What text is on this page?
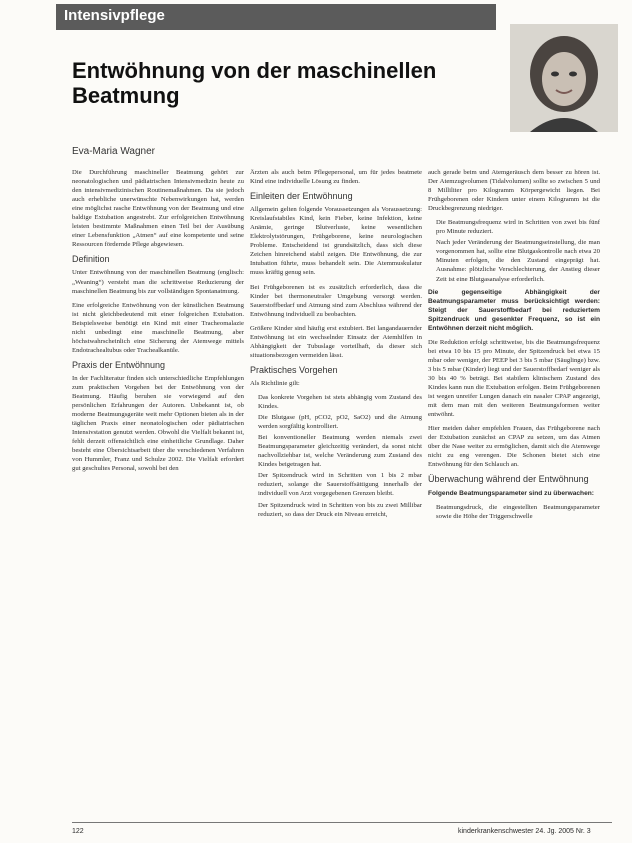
Intensivpflege
Entwöhnung von der maschinellen Beatmung
Eva-Maria Wagner

Die Durchführung maschineller Beatmung gehört zur neonatologischen und pädiatrischen Intensivmedizin heute zu den intensivmedizinischen Routinemaßnahmen. Da sie jedoch auch erhebliche unerwünschte Nebenwirkungen hat, werden eine möglichst rasche Entwöhnung von der Beatmung und eine baldige Extubation angestrebt. Zur erfolgreichen Entwöhnung leisten bestimmte Maßnahmen einen Teil bei der Ausübung einer Lebensfunktion „Atmen“ auf eine kompetente und seine Ressourcen fördernde Pflege abgewiesen.

Definition

Unter Entwöhnung von der maschinellen Beatmung (englisch: „Weaning“) versteht man die schrittweise Reduzierung der maschinellen Beatmung bis zur vollständigen Spontanatmung.

Eine erfolgreiche Entwöhnung von der künstlichen Beatmung ist nicht gleichbedeutend mit einer folgreichen Extubation. Beispielsweise benötigt ein Kind mit einer Tracheomalazie nicht unbedingt eine maschinelle Beatmung, aber höchstwahrscheinlich eine Sicherung der Atemwege mittels Endotrachealtubus oder Trachealkanüle.

Praxis der Entwöhnung

In der Fachliteratur finden sich unterschiedliche Empfehlungen zum praktischen Vorgehen bei der Entwöhnung von der Beatmung. Häufig beruhen sie vorwiegend auf den persönlichen Erfahrungen der Autoren. Unbekannt ist, ob moderne Beatmungsgeräte weit mehr Optionen bieten als in der täglichen Praxis einer neonatologischen oder pädiatrischen Intensivstation genutzt werden. Obwohl die Vielfalt bekannt ist, fehlt derzeit offensichtlich eine einheitliche Grundlage. Daher besteht eine Übersichtsarbeit über die verschiedenen Verfahren von Hummler, Franz und Schulze 2002. Die Vielfalt erfordert gut geschultes Personal, sowohl bei den

Ärzten als auch beim Pflegepersonal, um für jedes beatmete Kind eine individuelle Lösung zu finden.

Einleiten der Entwöhnung

Allgemein gelten folgende Voraussetzungen als Voraussetzung: Kreislaufstabiles Kind, kein Fieber, keine Infektion, keine Anämie, geringe Blutverluste, keine wesentlichen Elektrolytstörungen, Frühgeborene, keine neurologischen Probleme. Entscheidend ist grundsätzlich, dass sich diese Zeichen hinreichend stabil zeigen. Die Entwöhnung, die zur Intubation führte, muss behandelt sein. Die Atemmuskulatur muss kräftig genug sein.

Bei Frühgeborenen ist es zusätzlich erforderlich, dass die Kinder bei thermoneutraler Umgebung versorgt werden. Sauerstoffbedarf und Atmung sind zum Abschluss während der Entwöhnung individuell zu beobachten.

Größere Kinder sind häufig erst extubiert. Bei langandauernder Entwöhnung ist ein wechselnder Einsatz der Atemhilfen in Abhängigkeit der Tubuslage vorteilhaft, da dieser sich situationsbezogen vermeiden lässt.

Praktisches Vorgehen

Als Richtlinie gilt:

• Das konkrete Vorgehen ist stets abhängig vom Zustand des Kindes.
• Die Blutgase (pH, pCO2, pO2, SaO2) und die Atmung werden sorgfältig kontrolliert.
• Bei konventioneller Beatmung werden niemals zwei Beatmungsparameter gleichzeitig verändert, da sonst nicht nachvollziehbar ist, welche Veränderung zum Zustand des Kindes beigetragen hat.
• Der Spitzendruck wird in Schritten von 1 bis 2 mbar reduziert, solange die Sauerstoffsättigung innerhalb der individuell von Arzt vorgegebenen Grenzen bleibt.
• Der Spitzendruck wird in Schritten von bis zu zwei Millibar reduziert, so dass der Druck ein Niveau erreicht,

auch gerade beim und Atemgeräusch dem besser zu hören ist. Der Atemzugvolumen (Tidalvolumen) sollte so zwischen 5 und 8 Milliliter pro Kilogramm Körpergewicht liegen. Bei Frühgeborenen oder Kindern unter einem Kilogramm ist die Druckbegrenzung niedriger.

• Die Beatmungsfrequenz wird in Schritten von zwei bis fünf pro Minute reduziert.
• Nach jeder Veränderung der Beatmungseinstellung, die man vorgenommen hat, sollte eine Blutgaskontrolle nach etwa 20 Minuten erfolgen, die den Zustand eingeprägt hat. Ausnahme: plötzliche Verschlechterung, der Anstieg dieser Zeit ist eine Blutgasanalyse erforderlich.

Die gegenseitige Abhängigkeit der Beatmungsparameter muss berücksichtigt werden: Steigt der Sauerstoffbedarf bei reduziertem Spitzendruck und gesenkter Frequenz, so ist ein Entwöhnen derzeit nicht möglich.

Die Reduktion erfolgt schrittweise, bis die Beatmungsfrequenz bei etwa 10 bis 15 pro Minute, der Spitzendruck bei etwa 15 mbar oder weniger, der PEEP bei 3 bis 5 mbar (Säuglinge) bzw. 3 bis 5 mbar (Kinder) liegt und der Sauerstoffbedarf weniger als 30 bis 40 % beträgt. Bei stabilem klinischem Zustand des Kindes kann nun die Extubation erfolgen. Beim Frühgeborenen ist wegen unreifer Lungen danach ein nasaler CPAP angezeigt, mit dem man mit den weiteren Beatmungsformen weiter entwöhnt.

Hier meiden daher empfehlen Frauen, das Frühgeborene nach der Extubation zunächst an CPAP zu setzen, um das Atmen über die Nase weiter zu ermöglichen, damit sich die Atemwege nicht zu eng verengen. Die Schonen bietet sich eine Entwöhnung für den Schlauch an.

Überwachung während der Entwöhnung

Folgende Beatmungsparameter sind zu überwachen:

• Beatmungsdruck, die eingestellten Beatmungsparameter sowie die Höhe der Triggerschwelle
122	kinderkrankenschwester 24. Jg. 2005 Nr. 3
